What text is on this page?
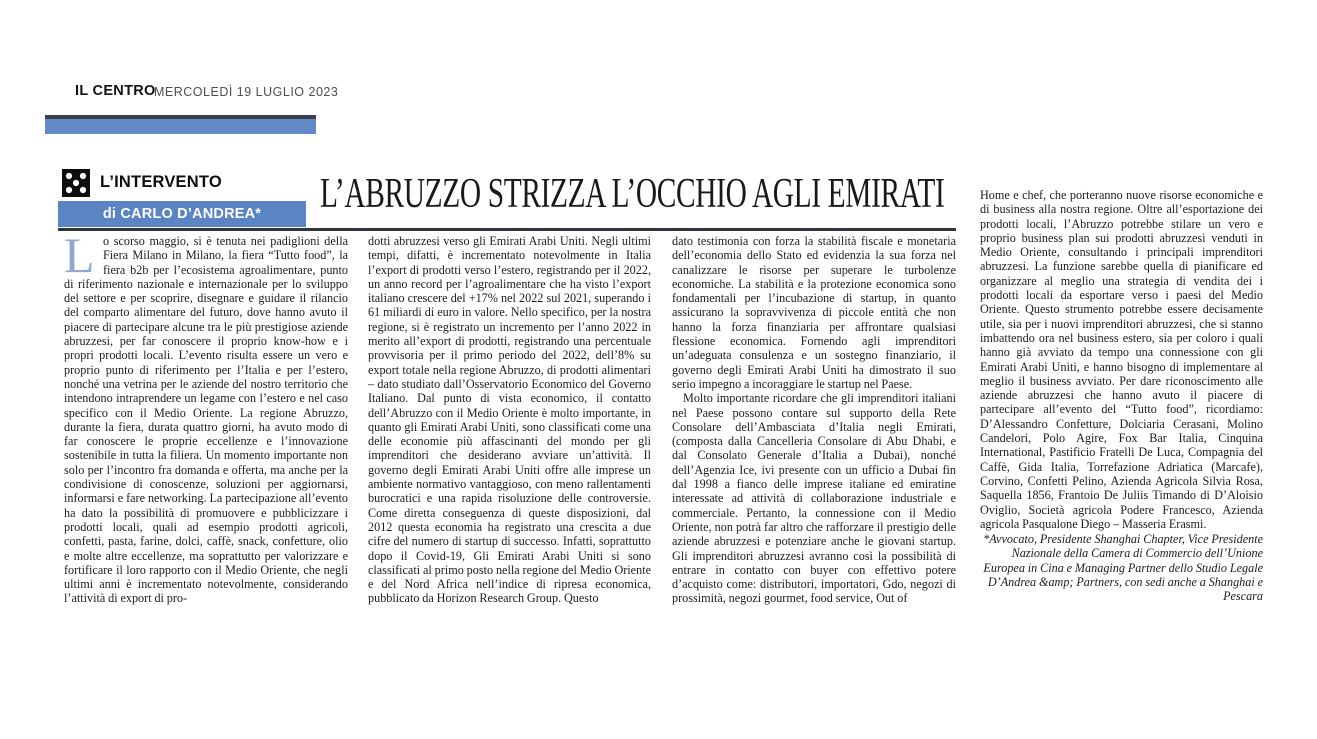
IL CENTRO
MERCOLEDÌ 19 LUGLIO 2023
L’INTERVENTO
di CARLO D’ANDREA* L’ABRUZZO STRIZZA L’OCCHIO AGLI EMIRATI
Lo scorso maggio, si è tenuta nei padiglioni della Fiera Milano in Milano, la fiera “Tutto food”, la fiera b2b per l’ecosistema agroalimentare, punto di riferimento nazionale e internazionale per lo sviluppo del settore e per scoprire, disegnare e guidare il rilancio del comparto alimentare del futuro, dove hanno avuto il piacere di partecipare alcune tra le più prestigiose aziende abruzzesi, per far conoscere il proprio know-how e i propri prodotti locali. L’evento risulta essere un vero e proprio punto di riferimento per l’Italia e per l’estero, nonché una vetrina per le aziende del nostro territorio che intendono intraprendere un legame con l’estero e nel caso specifico con il Medio Oriente. La regione Abruzzo, durante la fiera, durata quattro giorni, ha avuto modo di far conoscere le proprie eccellenze e l’innovazione sostenibile in tutta la filiera. Un momento importante non solo per l’incontro fra domanda e offerta, ma anche per la condivisione di conoscenze, soluzioni per aggiornarsi, informarsi e fare networking. La partecipazione all’evento ha dato la possibilità di promuovere e pubblicizzare i prodotti locali, quali ad esempio prodotti agricoli, confetti, pasta, farine, dolci, caffè, snack, confetture, olio e molte altre eccellenze, ma soprattutto per valorizzare e fortificare il loro rapporto con il Medio Oriente, che negli ultimi anni è incrementato notevolmente, considerando l’attività di export di pro-
dotti abruzzesi verso gli Emirati Arabi Uniti. Negli ultimi tempi, difatti, è incrementato notevolmente in Italia l’export di prodotti verso l’estero, registrando per il 2022, un anno record per l’agroalimentare che ha visto l’export italiano crescere del +17% nel 2022 sul 2021, superando i 61 miliardi di euro in valore. Nello specifico, per la nostra regione, si è registrato un incremento per l’anno 2022 in merito all’export di prodotti, registrando una percentuale provvisoria per il primo periodo del 2022, dell’8% su export totale nella regione Abruzzo, di prodotti alimentari – dato studiato dall’Osservatorio Economico del Governo Italiano. Dal punto di vista economico, il contatto dell’Abruzzo con il Medio Oriente è molto importante, in quanto gli Emirati Arabi Uniti, sono classificati come una delle economie più affascinanti del mondo per gli imprenditori che desiderano avviare un’attività. Il governo degli Emirati Arabi Uniti offre alle imprese un ambiente normativo vantaggioso, con meno rallentamenti burocratici e una rapida risoluzione delle controversie. Come diretta conseguenza di queste disposizioni, dal 2012 questa economia ha registrato una crescita a due cifre del numero di startup di successo. Infatti, soprattutto dopo il Covid-19, Gli Emirati Arabi Uniti si sono classificati al primo posto nella regione del Medio Oriente e del Nord Africa nell’indice di ripresa economica, pubblicato da Horizon Research Group. Questo

dato testimonia con forza la stabilità fiscale e monetaria dell’economia dello Stato ed evidenzia la sua forza nel canalizzare le risorse per superare le turbolenze economiche. La stabilità e la protezione economica sono fondamentali per l’incubazione di startup, in quanto assicurano la sopravvivenza di piccole entità che non hanno la forza finanziaria per affrontare qualsiasi flessione economica. Fornendo agli imprenditori un’adeguata consulenza e un sostegno finanziario, il governo degli Emirati Arabi Uniti ha dimostrato il suo serio impegno a incoraggiare le startup nel Paese.

Molto importante ricordare che gli imprenditori italiani nel Paese possono contare sul supporto della Rete Consolare dell’Ambasciata d’Italia negli Emirati, (composta dalla Cancelleria Consolare di Abu Dhabi, e dal Consolato Generale d’Italia a Dubai), nonché dell’Agenzia Ice, ivi presente con un ufficio a Dubai fin dal 1998 a fianco delle imprese italiane ed emiratine interessate ad attività di collaborazione industriale e commerciale. Pertanto, la connessione con il Medio Oriente, non potrà far altro che rafforzare il prestigio delle aziende abruzzesi e potenziare anche le giovani startup. Gli imprenditori abruzzesi avranno così la possibilità di entrare in contatto con buyer con effettivo potere d’acquisto come: distributori, importatori, Gdo, negozi di prossimità, negozi gourmet, food service, Out of

Home e chef, che porteranno nuove risorse economiche e di business alla nostra regione. Oltre all’esportazione dei prodotti locali, l’Abruzzo potrebbe stilare un vero e proprio business plan sui prodotti abruzzesi venduti in Medio Oriente, consultando i principali imprenditori abruzzesi. La funzione sarebbe quella di pianificare ed organizzare al meglio una strategia di vendita dei i prodotti locali da esportare verso i paesi del Medio Oriente. Questo strumento potrebbe essere decisamente utile, sia per i nuovi imprenditori abruzzesi, che si stanno imbattendo ora nel business estero, sia per coloro i quali hanno già avviato da tempo una connessione con gli Emirati Arabi Uniti, e hanno bisogno di implementare al meglio il business avviato. Per dare riconoscimento alle aziende abruzzesi che hanno avuto il piacere di partecipare all’evento del “Tutto food”, ricordiamo: D’Alessandro Confetture, Dolciaria Cerasani, Molino Candelori, Polo Agire, Fox Bar Italia, Cinquina International, Pastificio Fratelli De Luca, Compagnia del Caffè, Gida Italia, Torrefazione Adriatica (Marcafe), Corvino, Confetti Pelino, Azienda Agricola Silvia Rosa, Saquella 1856, Frantoio De Juliis Timando di D’Aloisio Oviglio, Società agricola Podere Francesco, Azienda agricola Pasqualone Diego – Masseria Erasmi.
*Avvocato, Presidente Shanghai Chapter, Vice Presidente Nazionale della Camera di Commercio dell’Unione Europea in Cina e Managing Partner dello Studio Legale D’Andrea &amp; Partners, con sedi anche a Shanghai e Pescara
